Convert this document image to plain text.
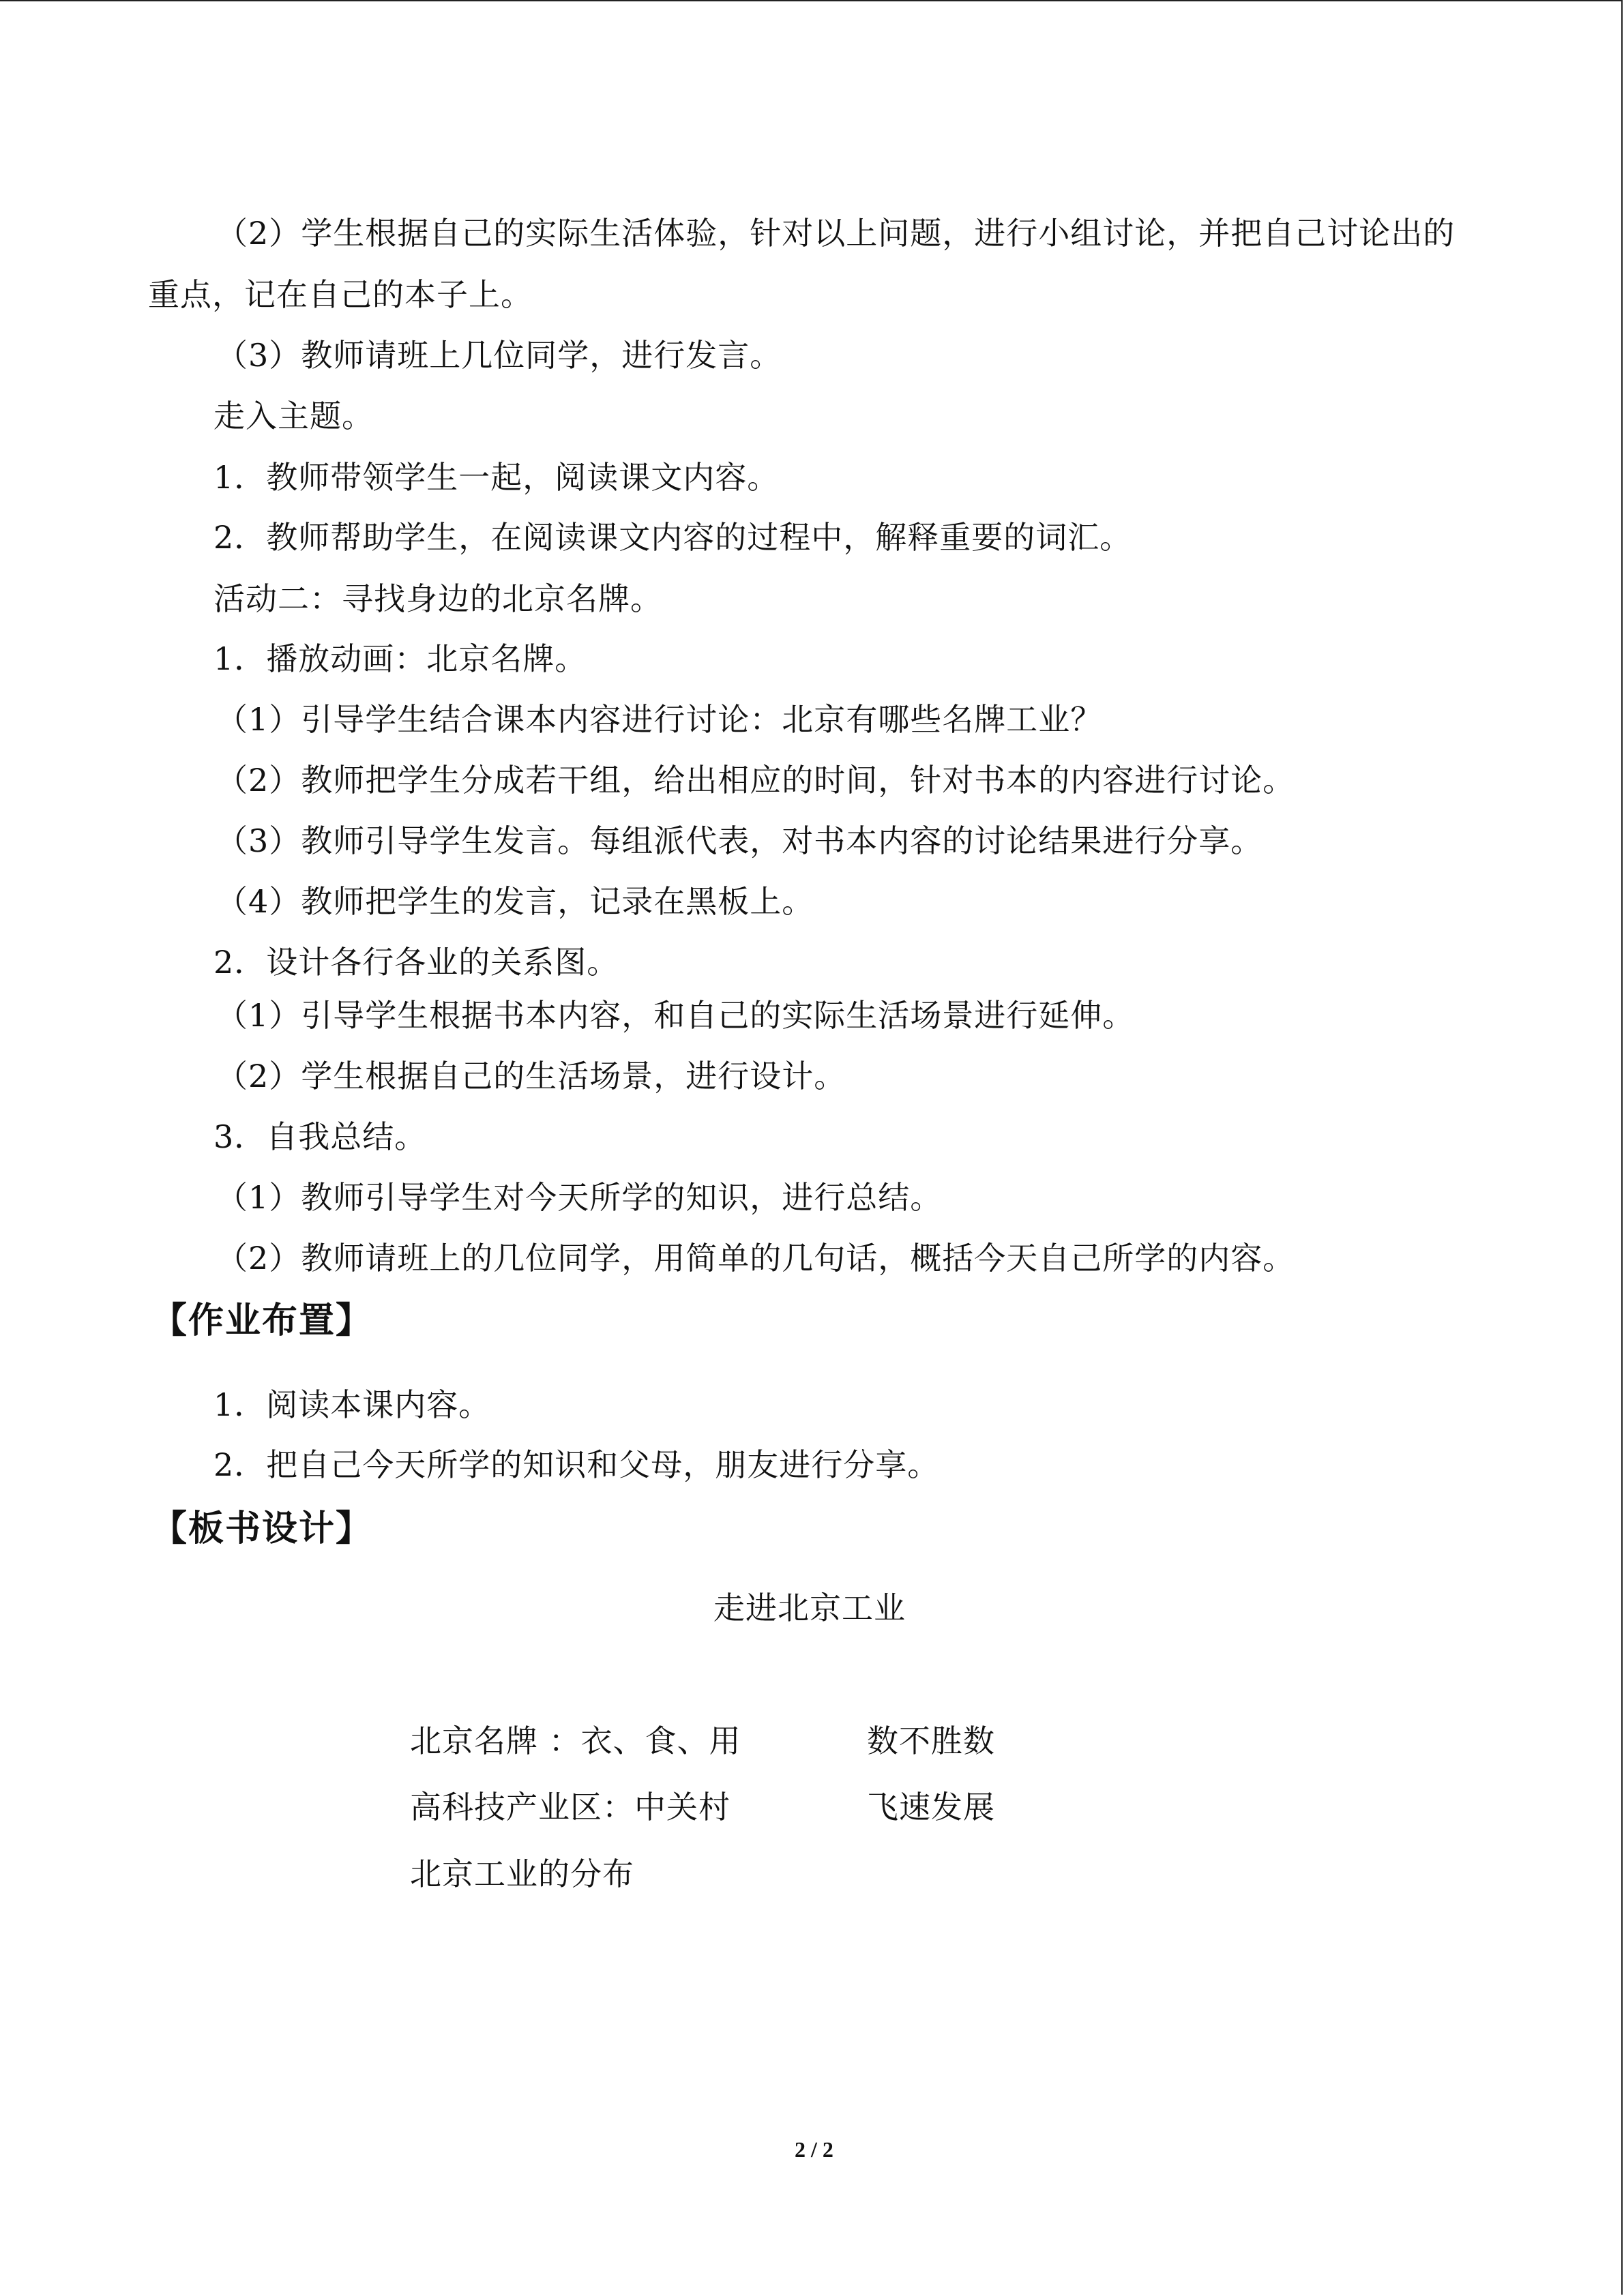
（2）学生根据自己的实际生活体验，针对以上问题，进行小组讨论，并把自己讨论出的
重点，记在自己的本子上。
（3）教师请班上几位同学，进行发言。
走入主题。
1．教师带领学生一起，阅读课文内容。
2．教师帮助学生，在阅读课文内容的过程中，解释重要的词汇。
活动二：寻找身边的北京名牌。
1．播放动画：北京名牌。
（1）引导学生结合课本内容进行讨论：北京有哪些名牌工业？
（2）教师把学生分成若干组，给出相应的时间，针对书本的内容进行讨论。
（3）教师引导学生发言。每组派代表，对书本内容的讨论结果进行分享。
（4）教师把学生的发言，记录在黑板上。
2．设计各行各业的关系图。
（1）引导学生根据书本内容，和自己的实际生活场景进行延伸。
（2）学生根据自己的生活场景，进行设计。
3．自我总结。
（1）教师引导学生对今天所学的知识，进行总结。
（2）教师请班上的几位同学，用简单的几句话，概括今天自己所学的内容。
【作业布置】
1．阅读本课内容。
2．把自己今天所学的知识和父母，朋友进行分享。
【板书设计】
走进北京工业
北京名牌 ：衣、食、用	数不胜数
高科技产业区：中关村	飞速发展
北京工业的分布
2 / 2
